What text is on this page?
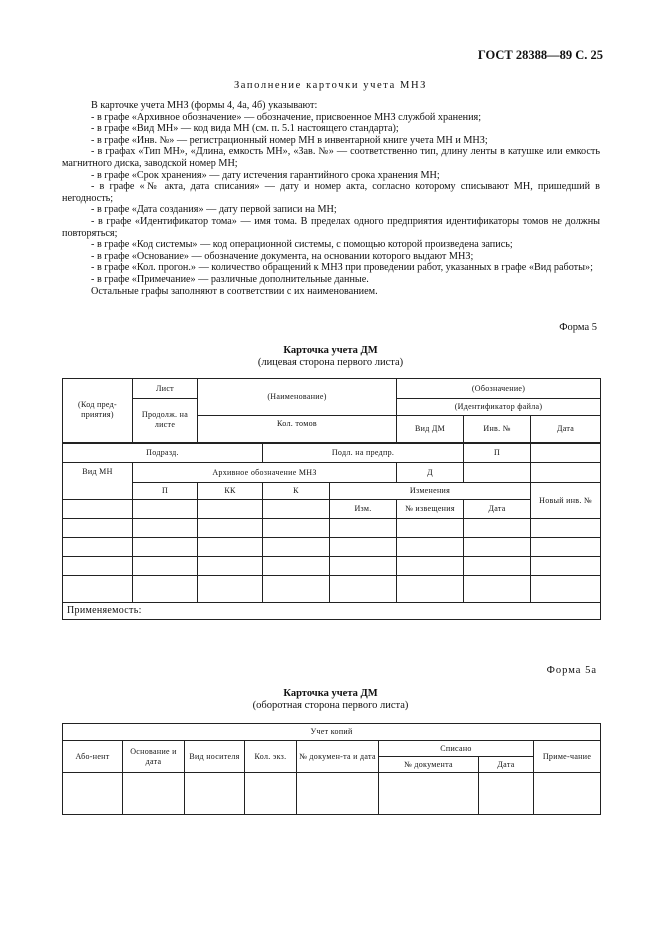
ГОСТ 28388—89 С. 25
Заполнение карточки учета МНЗ

В карточке учета МНЗ (формы 4, 4а, 4б) указывают:

- в графе «Архивное обозначение» — обозначение, присвоенное МНЗ службой хранения;

- в графе «Вид МН» — код вида МН (см. п. 5.1 настоящего стандарта);

- в графе «Инв. №» — регистрационный номер МН в инвентарной книге учета МН и МНЗ;

- в графах «Тип МН», «Длина, емкость МН», «Зав. №» — соответственно тип, длину ленты в катушке или емкость магнитного диска, заводской номер МН;

- в графе «Срок хранения» — дату истечения гарантийного срока хранения МН;

- в графе «№ акта, дата списания» — дату и номер акта, согласно которому списывают МН, пришедший в негодность;

- в графе «Дата создания» — дату первой записи на МН;

- в графе «Идентификатор тома» — имя тома. В пределах одного предприятия идентификаторы томов не должны повторяться;

- в графе «Код системы» — код операционной системы, с помощью которой произведена запись;

- в графе «Основание» — обозначение документа, на основании которого выдают МНЗ;

- в графе «Кол. прогон.» — количество обращений к МНЗ при проведении работ, указанных в графе «Вид работы»;

- в графе «Примечание» — различные дополнительные данные.

Остальные графы заполняют в соответствии с их наименованием.

Форма 5
Карточка учета ДМ
(лицевая сторона первого листа)
(Код пред-приятия)	Лист	(Наименование)			(Обозначение)		
	Продолж. на листе				(Идентификатор файла)		
		Кол. томов			Вид ДМ	Инв. №	Дата
Подразд.			Подл. на предпр.			П	
Вид МН	Архивное обозначение МНЗ				Д		
	П	КК	К	Изменения			Новый инв. №
				Изм.	№ извещения	Дата	

Применяемость:							
Форма 5а
Карточка учета ДМ
(оборотная сторона первого листа)
Учет копий							
Або-нент	Основание и дата	Вид носителя	Кол. экз.	№ докумен-та и дата	Списано		Приме-чание
					№ документа	Дата	
